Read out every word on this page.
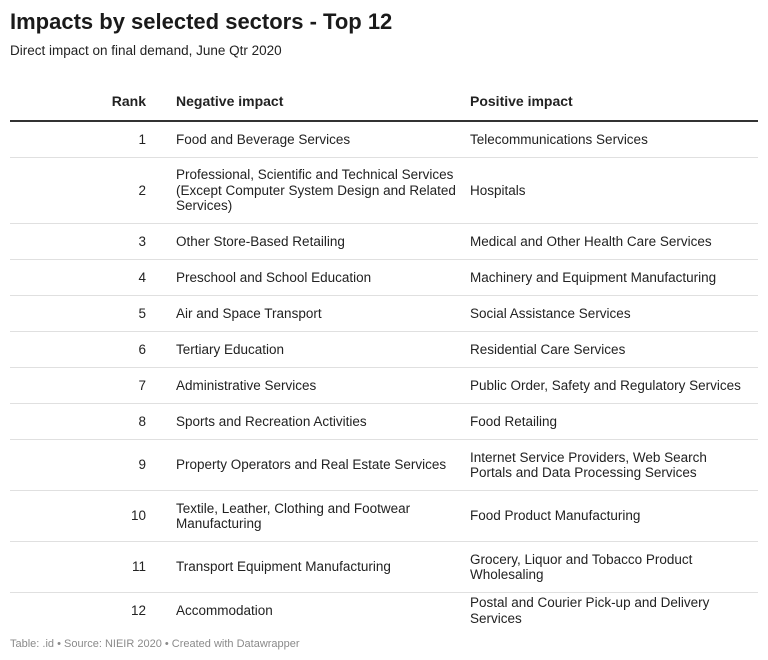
Impacts by selected sectors - Top 12
Direct impact on final demand, June Qtr 2020
Rank	Negative impact	Positive impact
1	Food and Beverage Services	Telecommunications Services
2	Professional, Scientific and Technical Services (Except Computer System Design and Related Services)	Hospitals
3	Other Store-Based Retailing	Medical and Other Health Care Services
4	Preschool and School Education	Machinery and Equipment Manufacturing
5	Air and Space Transport	Social Assistance Services
6	Tertiary Education	Residential Care Services
7	Administrative Services	Public Order, Safety and Regulatory Services
8	Sports and Recreation Activities	Food Retailing
9	Property Operators and Real Estate Services	Internet Service Providers, Web Search Portals and Data Processing Services
10	Textile, Leather, Clothing and Footwear Manufacturing	Food Product Manufacturing
11	Transport Equipment Manufacturing	Grocery, Liquor and Tobacco Product Wholesaling
12	Accommodation	Postal and Courier Pick-up and Delivery Services
Table: .id • Source: NIEIR 2020 • Created with Datawrapper
